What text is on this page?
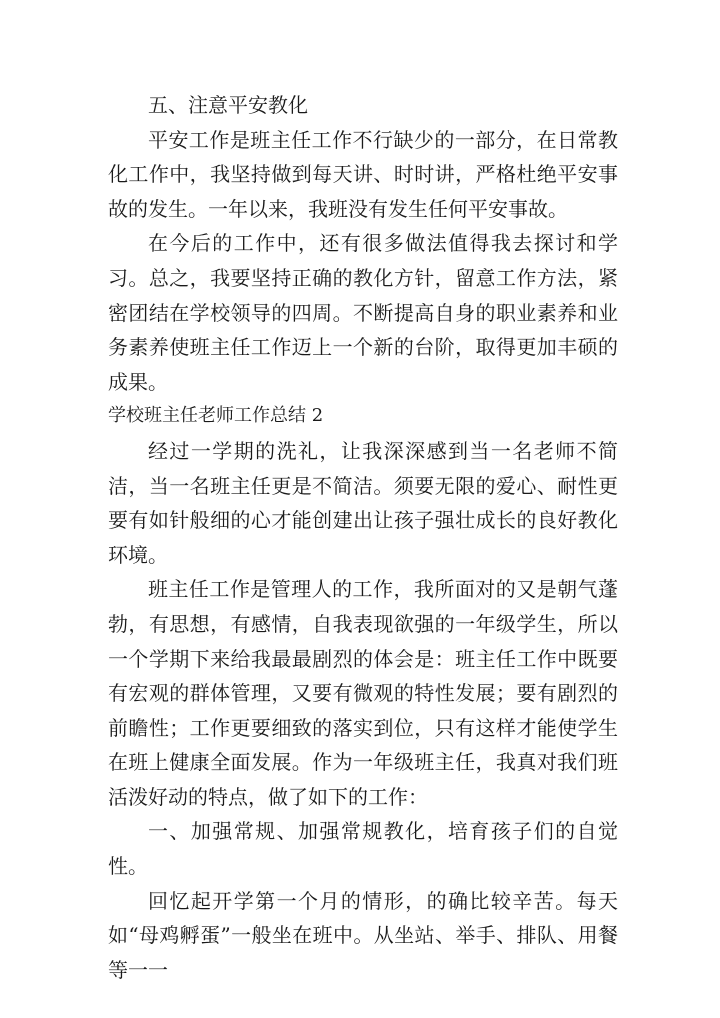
五、注意平安教化

平安工作是班主任工作不行缺少的一部分，在日常教化工作中，我坚持做到每天讲、时时讲，严格杜绝平安事故的发生。一年以来，我班没有发生任何平安事故。

在今后的工作中，还有很多做法值得我去探讨和学习。总之，我要坚持正确的教化方针，留意工作方法，紧密团结在学校领导的四周。不断提高自身的职业素养和业务素养使班主任工作迈上一个新的台阶，取得更加丰硕的成果。

学校班主任老师工作总结 2

经过一学期的洗礼，让我深深感到当一名老师不简洁，当一名班主任更是不简洁。须要无限的爱心、耐性更要有如针般细的心才能创建出让孩子强壮成长的良好教化环境。

班主任工作是管理人的工作，我所面对的又是朝气蓬勃，有思想，有感情，自我表现欲强的一年级学生，所以一个学期下来给我最最剧烈的体会是：班主任工作中既要有宏观的群体管理，又要有微观的特性发展；要有剧烈的前瞻性；工作更要细致的落实到位，只有这样才能使学生在班上健康全面发展。作为一年级班主任，我真对我们班活泼好动的特点，做了如下的工作：

一、加强常规、加强常规教化，培育孩子们的自觉性。

回忆起开学第一个月的情形，的确比较辛苦。每天如“母鸡孵蛋”一般坐在班中。从坐站、举手、排队、用餐等一一
